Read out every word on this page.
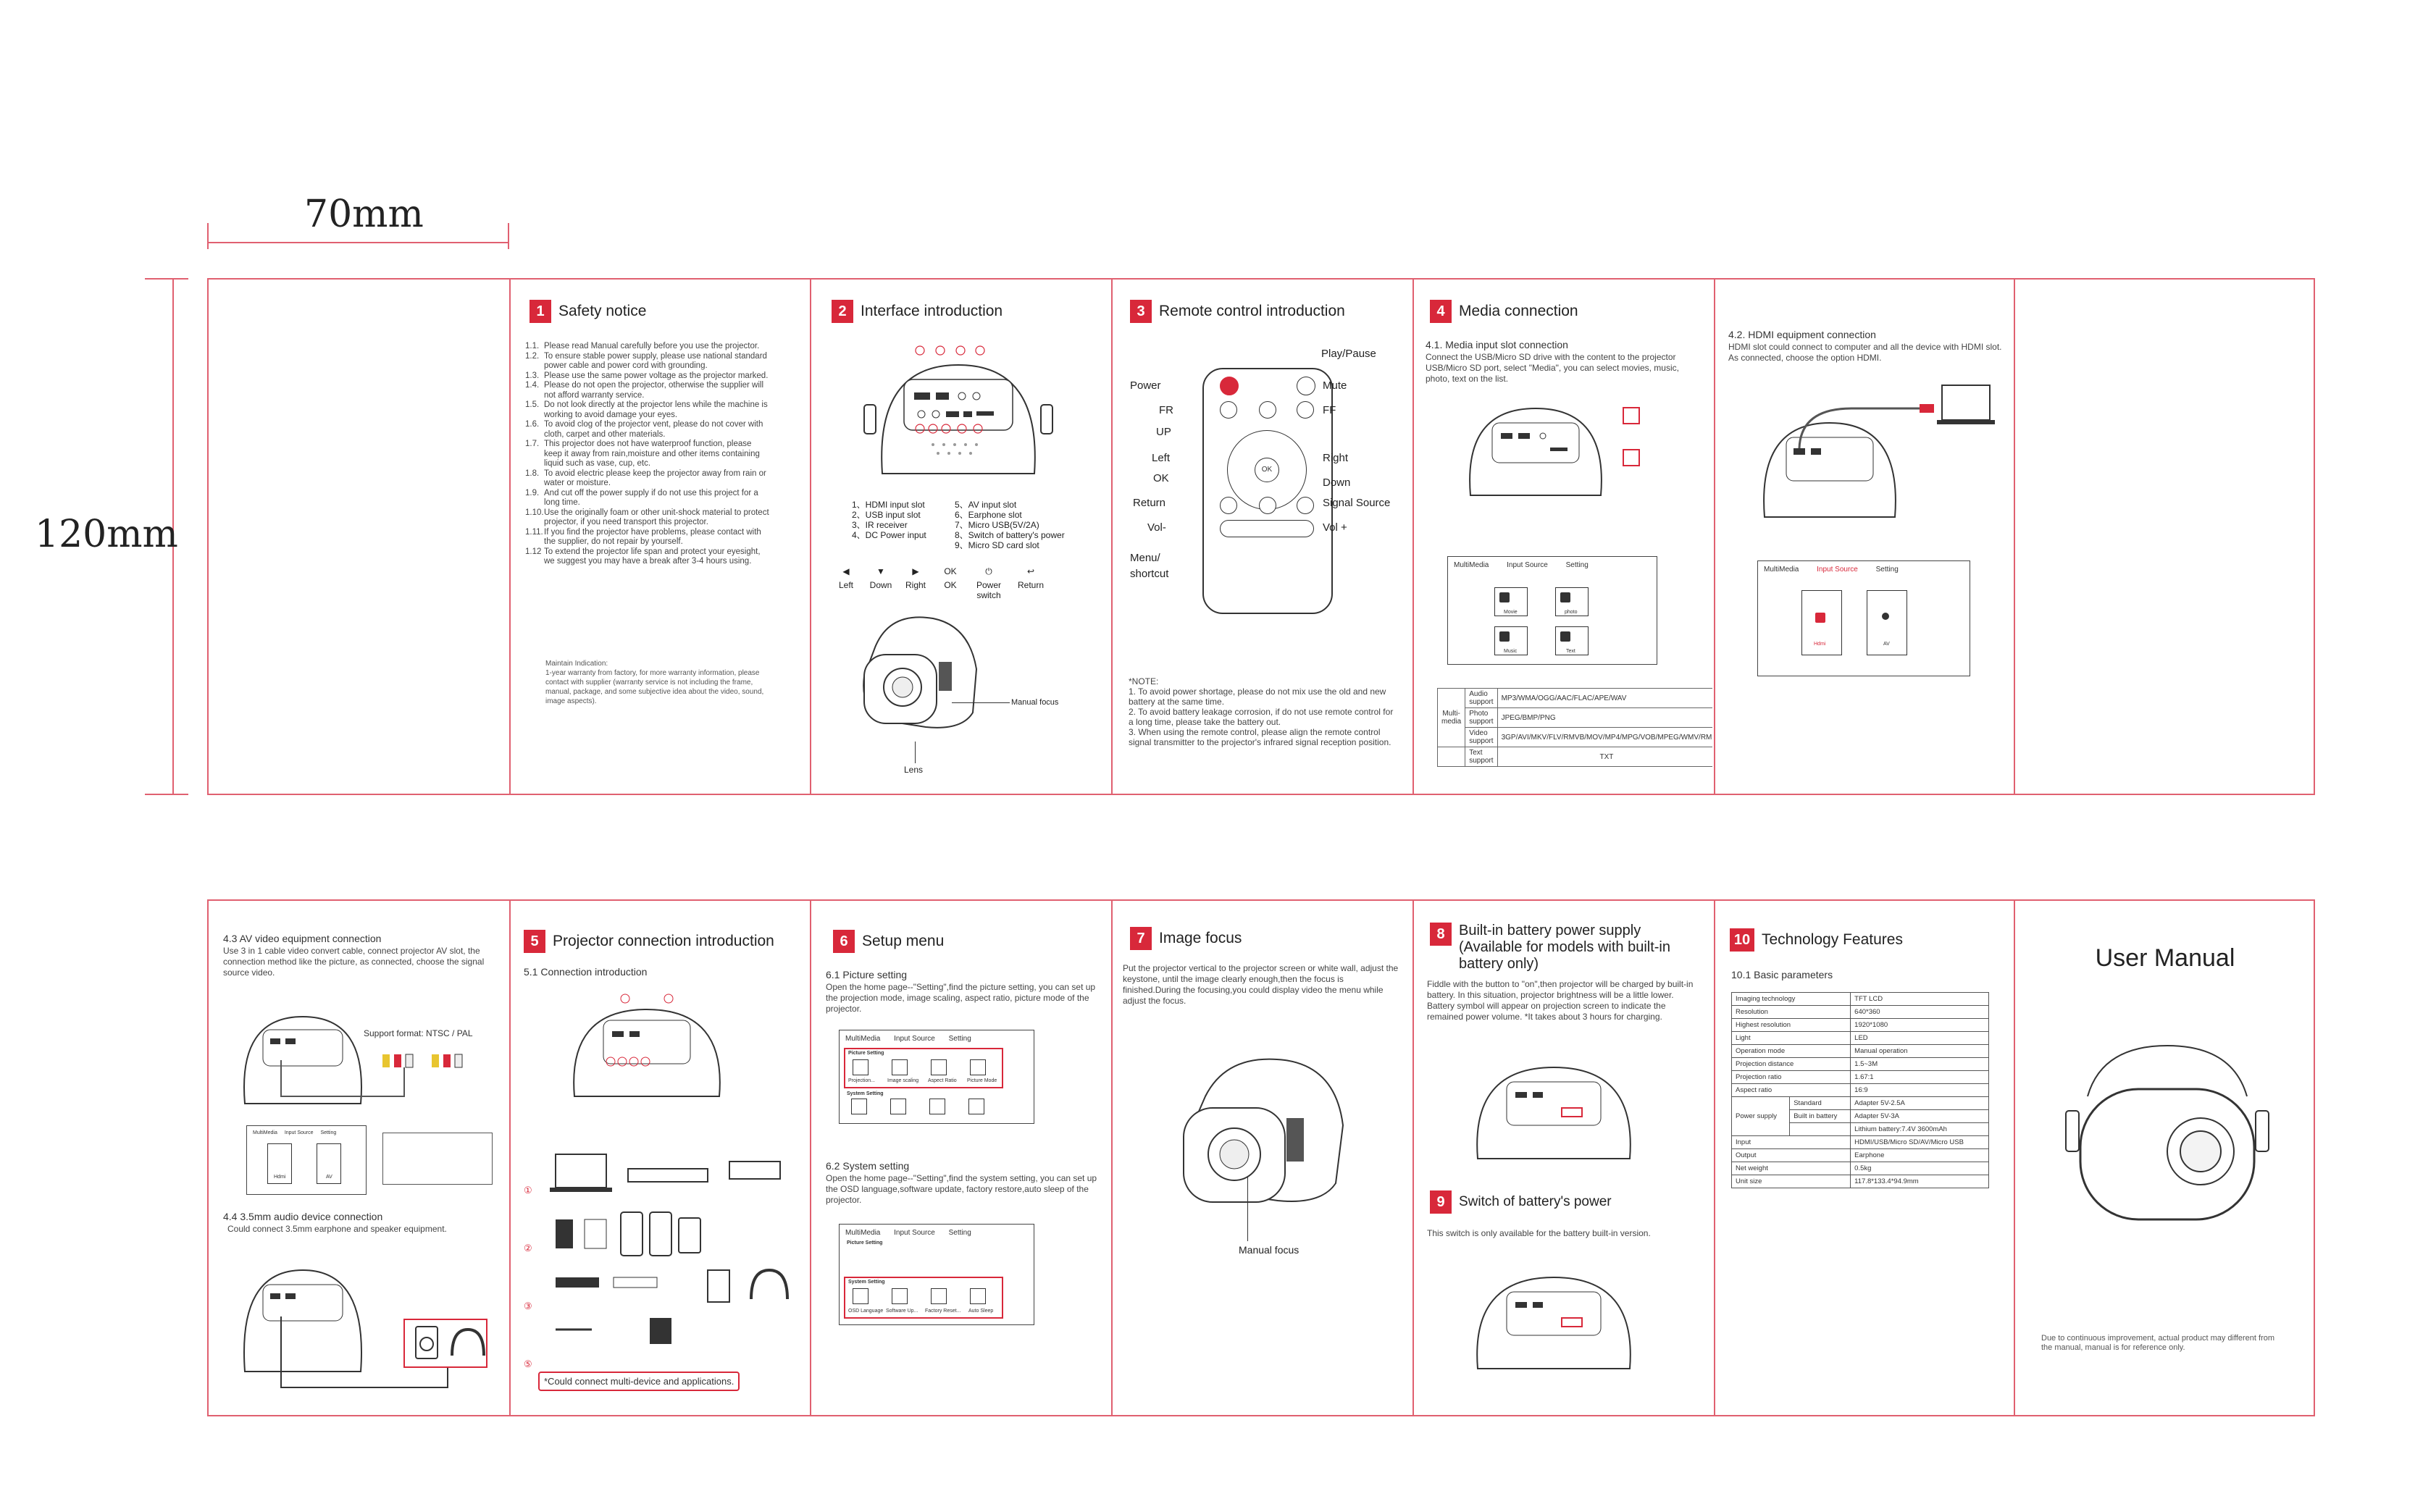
70mm
120mm
1 Safety notice
1.1. Please read Manual carefully before you use the projector.
1.2. To ensure stable power supply, please use national standard power cable and power cord with grounding.
1.3. Please use the same power voltage as the projector marked.
1.4. Please do not open the projector, otherwise the supplier will not afford warranty service.
1.5. Do not look directly at the projector lens while the machine is working to avoid damage your eyes.
1.6. To avoid clog of the projector vent, please do not cover with cloth, carpet and other materials.
1.7. This projector does not have waterproof function, please keep it away from rain,moisture and other items containing liquid such as vase, cup, etc.
1.8. To avoid electric please keep the projector away from rain or water or moisture.
1.9. And cut off the power supply if do not use this project for a long time.
1.10. Use the originally foam or other unit-shock material to protect projector, if you need transport this projector.
1.11. If you find the projector have problems, please contact with the supplier, do not repair by yourself.
1.12 To extend the projector life span and protect your eyesight, we suggest you may have a break after 3-4 hours using.
Maintain Indication:
1-year warranty from factory, for more warranty information, please contact with supplier (warranty service is not including the frame, manual, package, and some subjective idea about the video, sound, image aspects).
2 Interface introduction
1、HDMI input slot
2、USB input slot
3、IR receiver
4、DC Power input
5、AV input slot
6、Earphone slot
7、Micro USB(5V/2A)
8、Switch of battery's power
9、Micro SD card slot
◀	▼	▶	OK	⏻	↩
Left	Down	Right	OK	Power switch
Return
Manual focus
Lens
3 Remote control introduction
OK
Power
FR
UP
Left
OK
Return
Vol-
Menu/ shortcut
Play/Pause
Mute
FF
Right
Down
Signal Source
Vol +
*NOTE:
1. To avoid power shortage, please do not mix use the old and new battery at the same time.
2. To avoid battery leakage corrosion, if do not use remote control for a long time, please take the battery out.
3. When using the remote control, please align the remote control signal transmitter to the projector's infrared signal reception position.
4 Media connection
4.1. Media input slot connection
Connect the USB/Micro SD drive with the content to the projector USB/Micro SD port, select "Media", you can select movies, music, photo, text on the list.
MultiMedia Input Source Setting
Movie	photo
Music	Text
Multi-media	Audio support	MP3/WMA/OGG/AAC/FLAC/APE/WAV
	Photo support	JPEG/BMP/PNG
	Video support	3GP/AVI/MKV/FLV/RMVB/MOV/MP4/MPG/VOB/MPEG/WMV/RM
	Text support	TXT
4.2. HDMI equipment connection
HDMI slot could connect to computer and all the device with HDMI slot. As connected, choose the option HDMI.
MultiMedia Input Source Setting
Hdmi	AV
4.3 AV video equipment connection
Use 3 in 1 cable video convert cable, connect projector AV slot, the connection method like the picture, as connected, choose the signal source video.
Support format: NTSC / PAL
MultiMedia Input Source Setting
Hdmi	AV
4.4 3.5mm audio device connection
Could connect 3.5mm earphone and speaker equipment.
5 Projector connection introduction
5.1 Connection introduction
①
②
③
⑤
*Could connect multi-device and applications.
6 Setup menu
6.1 Picture setting
Open the home page--"Setting",find the picture setting, you can set up the projection mode, image scaling, aspect ratio, picture mode of the projector.
MultiMedia Input Source Setting
Picture Setting
Projection... Image scaling Aspect Ratio Picture Mode
System Setting
6.2 System setting
Open the home page--"Setting",find the system setting, you can set up the OSD language,software update, factory restore,auto sleep of the projector.
MultiMedia Input Source Setting
Picture Setting
System Setting
OSD Language Software Up... Factory Reset... Auto Sleep
7 Image focus
Put the projector vertical to the projector screen or white wall, adjust the keystone, until the image clearly enough,then the focus is finished.During the focusing,you could display video the menu while adjust the focus.
Manual focus
8 Built-in battery power supply (Available for models with built-in battery only)
Fiddle with the button to "on",then projector will be charged by built-in battery. In this situation, projector brightness will be a little lower. Battery symbol will appear on projection screen to indicate the remained power volume. *It takes about 3 hours for charging.
9	Switch of battery's power
This switch is only available for the battery built-in version.
10 Technology Features
10.1 Basic parameters
Imaging technology		TFT LCD
Resolution		640*360
Highest resolution		1920*1080
Light		LED
Operation mode		Manual operation
Projection distance		1.5~3M
Projection ratio		1.67:1
Aspect ratio		16:9
Power supply	Standard	Adapter 5V-2.5A
	Built in battery	Adapter 5V-3A
		Lithium battery:7.4V 3600mAh
Input		HDMI/USB/Micro SD/AV/Micro USB
Output		Earphone
Net weight		0.5kg
Unit size		117.8*133.4*94.9mm
User Manual
Due to continuous improvement, actual product may different from the manual, manual is for reference only.
